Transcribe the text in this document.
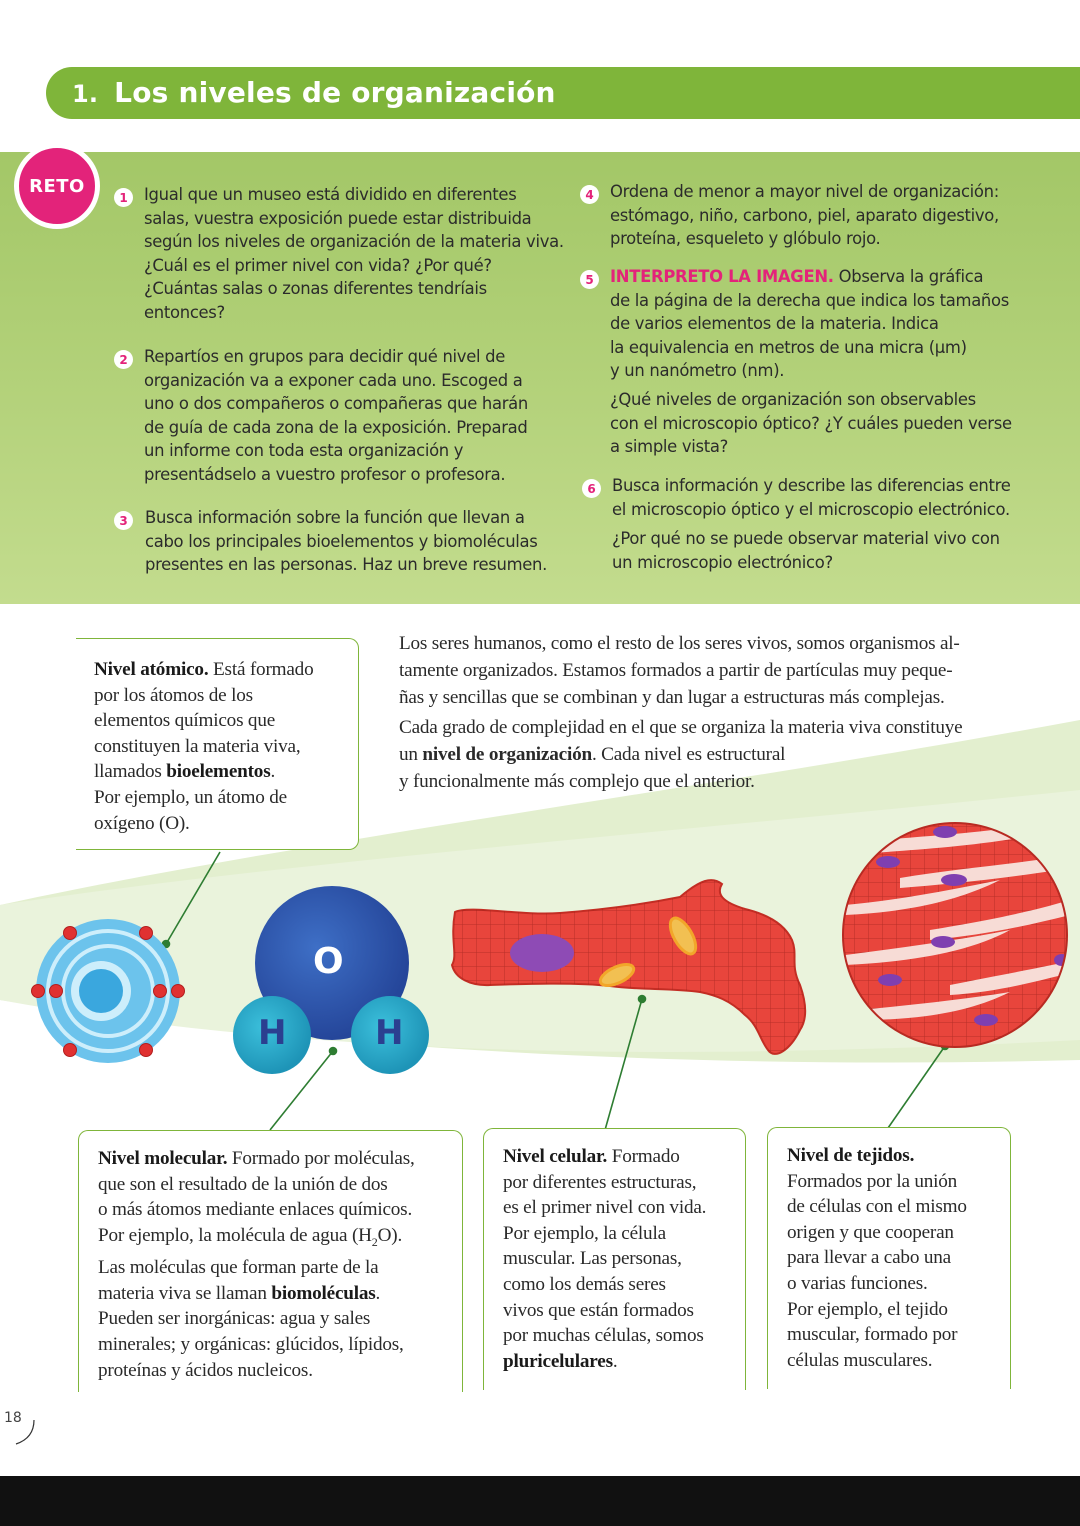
1. Los niveles de organización
RETO
1 Igual que un museo está dividido en diferentes
salas, vuestra exposición puede estar distribuida
según los niveles de organización de la materia viva.
¿Cuál es el primer nivel con vida? ¿Por qué?
¿Cuántas salas o zonas diferentes tendríais
entonces?
2 Repartíos en grupos para decidir qué nivel de
organización va a exponer cada uno. Escoged a
uno o dos compañeros o compañeras que harán
de guía de cada zona de la exposición. Preparad
un informe con toda esta organización y
presentádselo a vuestro profesor o profesora.
3	Busca información sobre la función que llevan a
cabo los principales bioelementos y biomoléculas
presentes en las personas. Haz un breve resumen.
4 Ordena de menor a mayor nivel de organización:
estómago, niño, carbono, piel, aparato digestivo,
proteína, esqueleto y glóbulo rojo.
5 INTERPRETO LA IMAGEN. Observa la gráfica
de la página de la derecha que indica los tamaños
de varios elementos de la materia. Indica
la equivalencia en metros de una micra (µm)
y un nanómetro (nm).
¿Qué niveles de organización son observables
con el microscopio óptico? ¿Y cuáles pueden verse
a simple vista?
6 Busca información y describe las diferencias entre
el microscopio óptico y el microscopio electrónico.
¿Por qué no se puede observar material vivo con
un microscopio electrónico?
Los seres humanos, como el resto de los seres vivos, somos organismos al-
tamente organizados. Estamos formados a partir de partículas muy peque-
ñas y sencillas que se combinan y dan lugar a estructuras más complejas.
Cada grado de complejidad en el que se organiza la materia viva constituye
un nivel de organización. Cada nivel es estructural
y funcionalmente más complejo que el anterior.
O
H	H
Nivel atómico. Está formado
por los átomos de los
elementos químicos que
constituyen la materia viva,
llamados bioelementos.
Por ejemplo, un átomo de
oxígeno (O).
Nivel molecular. Formado por moléculas,
que son el resultado de la unión de dos
o más átomos mediante enlaces químicos.
Por ejemplo, la molécula de agua $(H_2O)$.
Las moléculas que forman parte de la
materia viva se llaman biomoléculas.
Pueden ser inorgánicas: agua y sales
minerales; y orgánicas: glúcidos, lípidos,
proteínas y ácidos nucleicos.
Nivel celular. Formado
por diferentes estructuras,
es el primer nivel con vida.
Por ejemplo, la célula
muscular. Las personas,
como los demás seres
vivos que están formados
por muchas células, somos
pluricelulares.
Nivel de tejidos.
Formados por la unión
de células con el mismo
origen y que cooperan
para llevar a cabo una
o varias funciones.
Por ejemplo, el tejido
muscular, formado por
células musculares.
18
